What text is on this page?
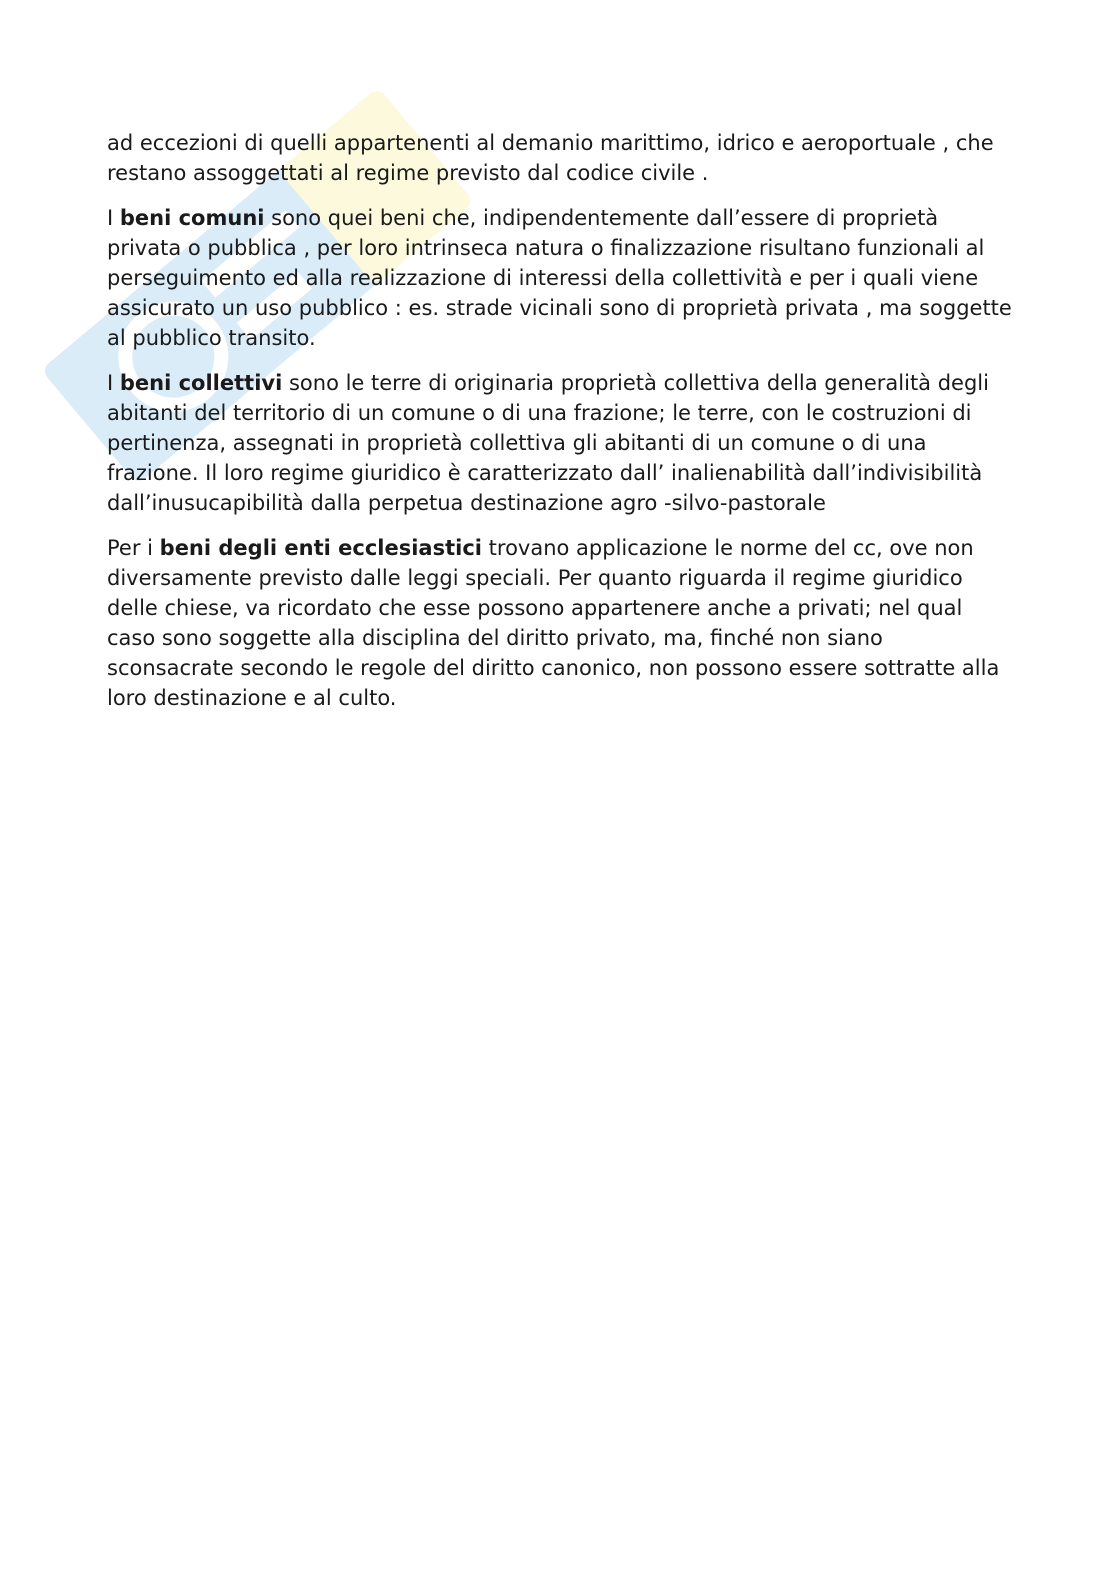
ad eccezioni di quelli appartenenti al demanio marittimo, idrico e aeroportuale , che restano assoggettati al regime previsto dal codice civile .

I beni comuni sono quei beni che, indipendentemente dall’essere di proprietà privata o pubblica , per loro intrinseca natura o finalizzazione risultano funzionali al perseguimento ed alla realizzazione di interessi della collettività e per i quali viene assicurato un uso pubblico : es. strade vicinali sono di proprietà privata , ma soggette al pubblico transito.

I beni collettivi sono le terre di originaria proprietà collettiva della generalità degli abitanti del territorio di un comune o di una frazione; le terre, con le costruzioni di pertinenza, assegnati in proprietà collettiva gli abitanti di un comune o di una frazione. Il loro regime giuridico è caratterizzato dall’ inalienabilità dall’indivisibilità dall’inusucapibilità dalla perpetua destinazione agro -silvo-pastorale

Per i beni degli enti ecclesiastici trovano applicazione le norme del cc, ove non diversamente previsto dalle leggi speciali. Per quanto riguarda il regime giuridico delle chiese, va ricordato che esse possono appartenere anche a privati; nel qual caso sono soggette alla disciplina del diritto privato, ma, finché non siano sconsacrate secondo le regole del diritto canonico, non possono essere sottratte alla loro destinazione e al culto.
